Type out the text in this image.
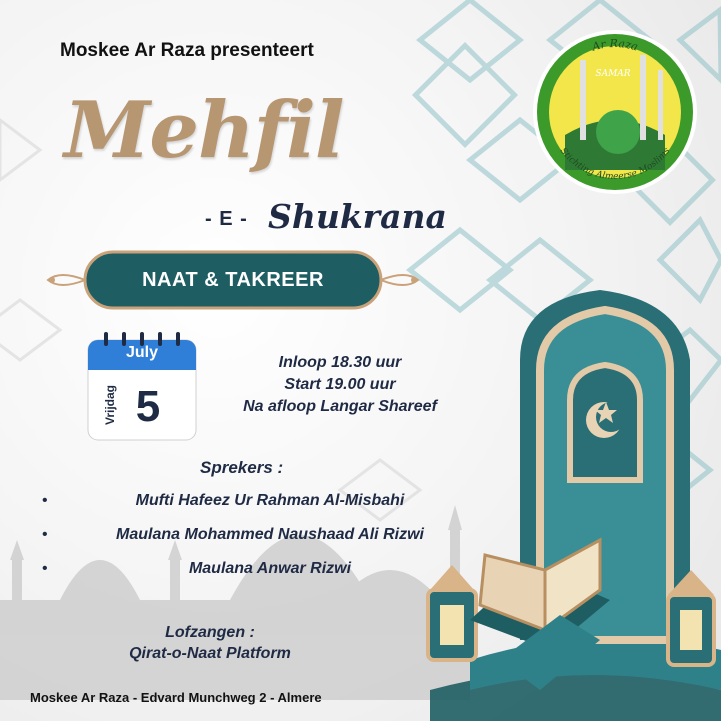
Moskee Ar Raza presenteert
Mehfil
- E - Shukrana
NAAT & TAKREER
July
5
Vrijdag
Inloop 18.30 uur
Start 19.00 uur
Na afloop Langar Shareef
Sprekers :
•	Mufti Hafeez Ur Rahman Al-Misbahi
•	Maulana Mohammed Naushaad Ali Rizwi
•	Maulana Anwar Rizwi
Lofzangen :
Qirat-o-Naat Platform
Moskee Ar Raza - Edvard Munchweg 2 - Almere
Ar Raza
SAMAR
Stichting Almeerse Moslims
